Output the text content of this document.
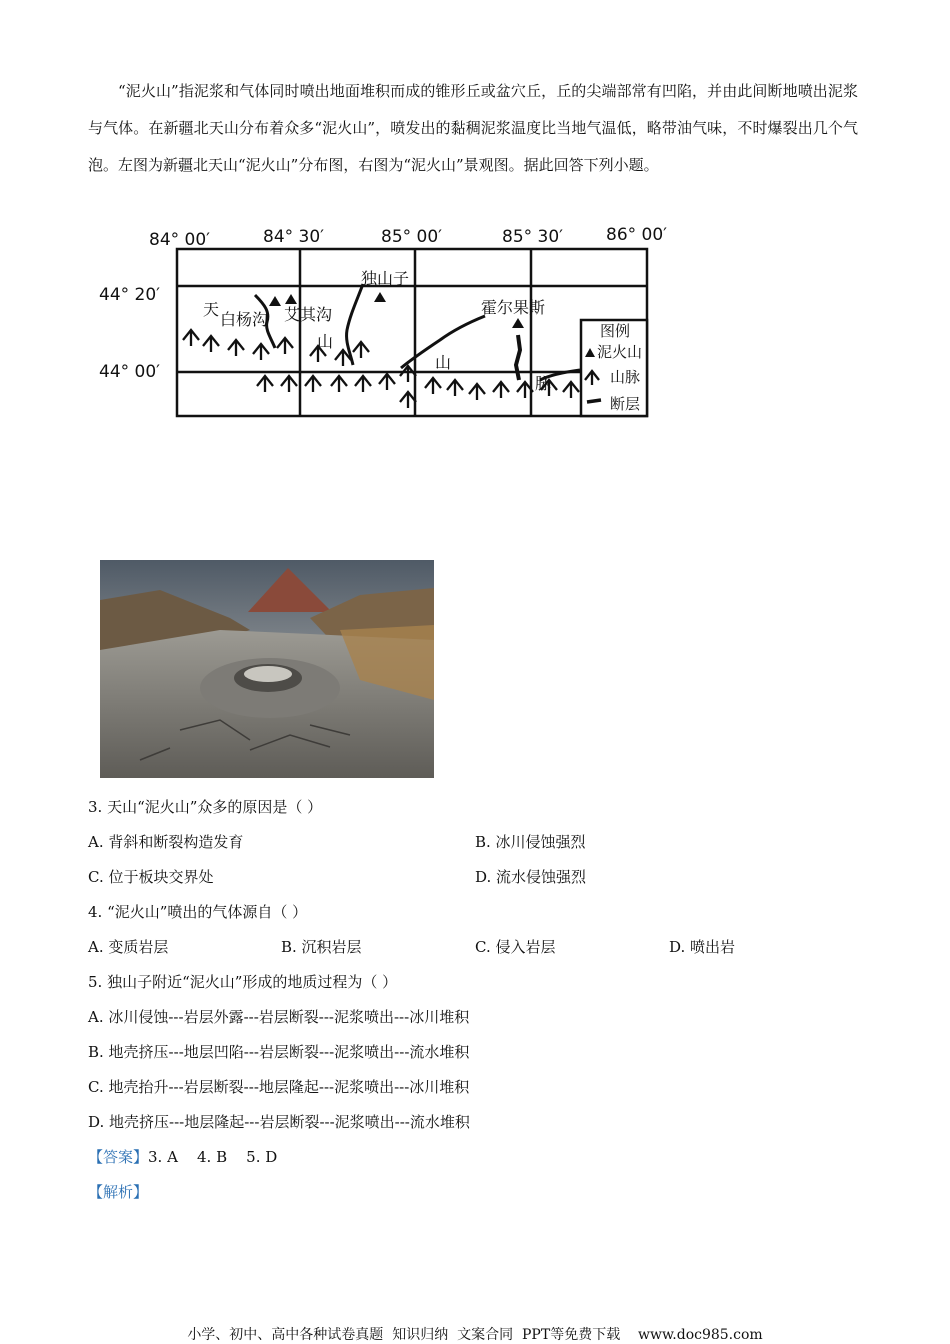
“泥火山”指泥浆和气体同时喷出地面堆积而成的锥形丘或盆穴丘，丘的尖端部常有凹陷，并由此间断地喷出泥浆与气体。在新疆北天山分布着众多“泥火山”，喷发出的黏稠泥浆温度比当地气温低，略带油气味，不时爆裂出几个气泡。左图为新疆北天山“泥火山”分布图，右图为“泥火山”景观图。据此回答下列小题。

84° 00′	84° 30′	85° 00′	85° 30′	86° 00′
44° 20′
44° 00′
独山子
霍尔果斯
白杨沟 艾其沟
天
山
山
脉
图例
泥火山
山脉
断层

3. 天山“泥火山”众多的原因是（ ）

A. 背斜和断裂构造发育	B. 冰川侵蚀强烈

C. 位于板块交界处	D. 流水侵蚀强烈

4. “泥火山”喷出的气体源自（ ）

A. 变质岩层	B. 沉积岩层	C. 侵入岩层	D. 喷出岩

5. 独山子附近“泥火山”形成的地质过程为（ ）

A. 冰川侵蚀---岩层外露---岩层断裂---泥浆喷出---冰川堆积

B. 地壳挤压---地层凹陷---岩层断裂---泥浆喷出---流水堆积

C. 地壳抬升---岩层断裂---地层隆起---泥浆喷出---冰川堆积

D. 地壳挤压---地层隆起---岩层断裂---泥浆喷出---流水堆积

【答案】3. A    4. B    5. D

【解析】

小学、初中、高中各种试卷真题  知识归纳  文案合同  PPT等免费下载    www.doc985.com
